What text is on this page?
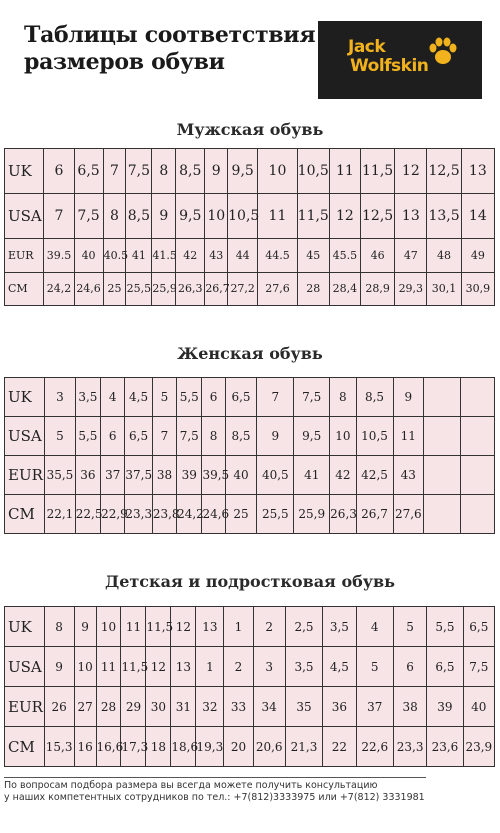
Таблицы соответствия
размеров обуви
Jack
Wolfskin
Мужская обувь
UK	6	6,5	7	7,5	8	8,5	9	9,5	10	10,5	11	11,5	12	12,5	13
USA	7	7,5	8	8,5	9	9,5	10	10,5	11	11,5	12	12,5	13	13,5	14
EUR	39.5	40	40.5	41	41.5	42	43	44	44.5	45	45.5	46	47	48	49
CM	24,2	24,6	25	25,5	25,9	26,3	26,7	27,2	27,6	28	28,4	28,9	29,3	30,1	30,9
Женская обувь
UK	3	3,5	4	4,5	5	5,5	6	6,5	7	7,5	8	8,5	9		
USA	5	5,5	6	6,5	7	7,5	8	8,5	9	9,5	10	10,5	11		
EUR	35,5	36	37	37,5	38	39	39,5	40	40,5	41	42	42,5	43		
CM	22,1	22,5	22,9	23,3	23,8	24,2	24,6	25	25,5	25,9	26,3	26,7	27,6		
Детская и подростковая обувь
UK	8	9	10	11	11,5	12	13	1	2	2,5	3,5	4	5	5,5	6,5
USA	9	10	11	11,5	12	13	1	2	3	3,5	4,5	5	6	6,5	7,5
EUR	26	27	28	29	30	31	32	33	34	35	36	37	38	39	40
CM	15,3	16	16,6	17,3	18	18,6	19,3	20	20,6	21,3	22	22,6	23,3	23,6	23,9
По вопросам подбора размера вы всегда можете получить консультацию
у наших компетентных сотрудников по тел.: +7(812)3333975 или +7(812) 3331981
